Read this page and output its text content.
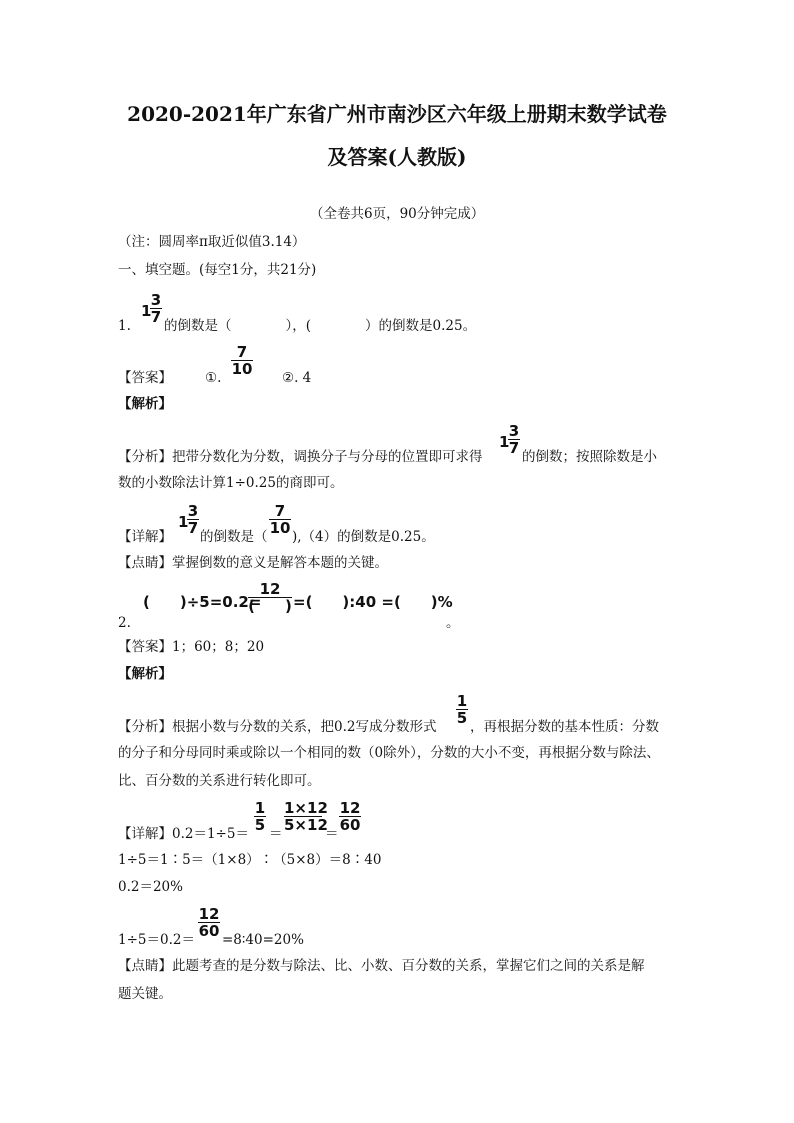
2020-2021年广东省广州市南沙区六年级上册期末数学试卷
及答案(人教版)
（全卷共6页，90分钟完成）
（注：圆周率π取近似值3.14）
一、填空题。(每空1分，共21分)
1.
1
$\frac{3}{7}$
的倒数是（　　　　），(　　　　）的倒数是0.25。
【答案】 ①.
$\frac{7}{10}$
②. 4
【解析】
【分析】把带分数化为分数，调换分子与分母的位置即可求得
1
$\frac{3}{7}$
的倒数；按照除数是小
数的小数除法计算1÷0.25的商即可。
【详解】
1
$\frac{3}{7}$
的倒数是（
$\frac{7}{10}$
),（4）的倒数是0.25。
【点睛】掌握倒数的意义是解答本题的关键。
(　　)÷5=0.2=
12
(　　) =(　　):40 =(　　)%
2.	。
【答案】1；60；8；20
【解析】
【分析】根据小数与分数的关系，把0.2写成分数形式
$\frac{1}{5}$
，再根据分数的基本性质：分数
的分子和分母同时乘或除以一个相同的数（0除外），分数的大小不变，再根据分数与除法、
比、百分数的关系进行转化即可。
【详解】0.2＝1÷5＝
$\frac{1}{5}$
＝
$\frac{1\times 12}{5\times 12}$
＝
$\frac{12}{60}$
1÷5＝1∶5＝（1×8）∶（5×8）＝8∶40
0.2＝20%
1÷5＝0.2＝
$\frac{12}{60}$
=8∶40=20%
【点睛】此题考查的是分数与除法、比、小数、百分数的关系，掌握它们之间的关系是解
题关键。
